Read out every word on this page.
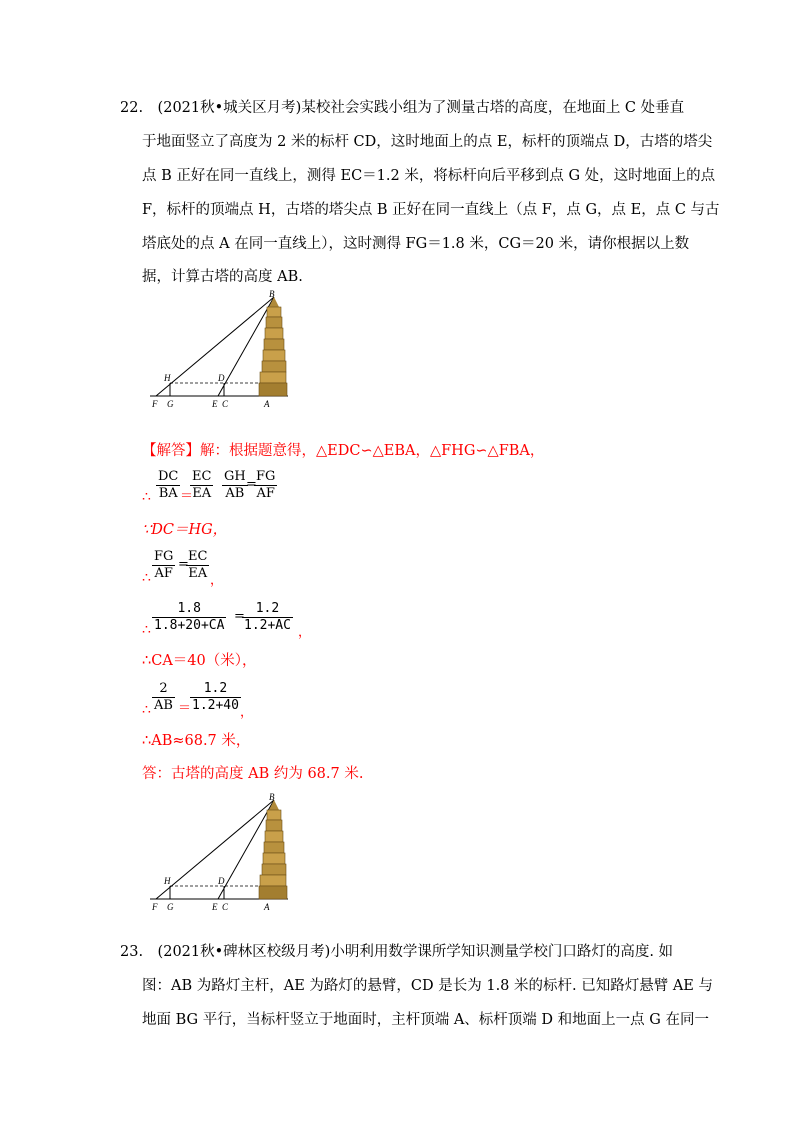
22.　(2021秋•城关区月考)某校社会实践小组为了测量古塔的高度，在地面上 C 处垂直
于地面竖立了高度为 2 米的标杆 CD，这时地面上的点 E，标杆的顶端点 D，古塔的塔尖
点 B 正好在同一直线上，测得 EC＝1.2 米，将标杆向后平移到点 G 处，这时地面上的点
F，标杆的顶端点 H，古塔的塔尖点 B 正好在同一直线上（点 F，点 G，点 E，点 C 与古
塔底处的点 A 在同一直线上），这时测得 FG＝1.8 米，CG＝20 米，请你根据以上数
据，计算古塔的高度 AB.
B
H	D
F G	E C	A
【解答】解：根据题意得，△EDC∽△EBA，△FHG∽△FBA，
∴ $\frac{DC}{BA}$ ＝
$\frac{EC}{EA} \frac{GH}{AB}$
=
$\frac{FG}{AF}$
∵DC＝HG，
∴ $\frac{FG}{AF}$ =
$\frac{EC}{EA}$ ，
∴ $\frac{1.8}{1.8+20+CA}$ =
$\frac{1.2}{1.2+AC}$ ，
∴CA＝40（米），
∴ $\frac{2}{AB}$ ＝
$\frac{1.2}{1.2+40}$ ，
∴AB≈68.7 米，
答：古塔的高度 AB 约为 68.7 米.
B
H	D
F G	E C	A
23.　(2021秋•碑林区校级月考)小明利用数学课所学知识测量学校门口路灯的高度. 如
图：AB 为路灯主杆，AE 为路灯的悬臂，CD 是长为 1.8 米的标杆. 已知路灯悬臂 AE 与
地面 BG 平行，当标杆竖立于地面时，主杆顶端 A、标杆顶端 D 和地面上一点 G 在同一
